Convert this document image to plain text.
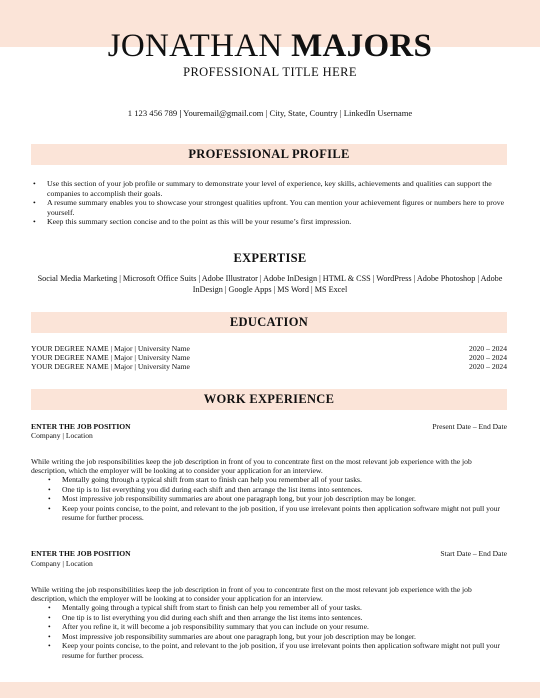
JONATHAN MAJORS
PROFESSIONAL TITLE HERE
1 123 456 789 | Youremail@gmail.com | City, State, Country | LinkedIn Username
PROFESSIONAL PROFILE
• Use this section of your job profile or summary to demonstrate your level of experience, key skills, achievements and qualities can support the companies to accomplish their goals.
• A resume summary enables you to showcase your strongest qualities upfront. You can mention your achievement figures or numbers here to prove yourself.
• Keep this summary section concise and to the point as this will be your resume’s first impression.
EXPERTISE
Social Media Marketing | Microsoft Office Suits | Adobe Illustrator | Adobe InDesign | HTML & CSS | WordPress | Adobe Photoshop | Adobe InDesign | Google Apps | MS Word | MS Excel
EDUCATION
YOUR DEGREE NAME | Major | University Name	2020 – 2024
YOUR DEGREE NAME | Major | University Name	2020 – 2024
YOUR DEGREE NAME | Major | University Name	2020 – 2024
WORK EXPERIENCE
ENTER THE JOB POSITION	Present Date – End Date
Company | Location
While writing the job responsibilities keep the job description in front of you to concentrate first on the most relevant job experience with the job description, which the employer will be looking at to consider your application for an interview.
• Mentally going through a typical shift from start to finish can help you remember all of your tasks.
• One tip is to list everything you did during each shift and then arrange the list items into sentences.
• Most impressive job responsibility summaries are about one paragraph long, but your job description may be longer.
• Keep your points concise, to the point, and relevant to the job position, if you use irrelevant points then application software might not pull your resume for further process.
ENTER THE JOB POSITION	Start Date – End Date
Company | Location
While writing the job responsibilities keep the job description in front of you to concentrate first on the most relevant job experience with the job description, which the employer will be looking at to consider your application for an interview.
• Mentally going through a typical shift from start to finish can help you remember all of your tasks.
• One tip is to list everything you did during each shift and then arrange the list items into sentences.
• After you refine it, it will become a job responsibility summary that you can include on your resume.
• Most impressive job responsibility summaries are about one paragraph long, but your job description may be longer.
• Keep your points concise, to the point, and relevant to the job position, if you use irrelevant points then application software might not pull your resume for further process.
